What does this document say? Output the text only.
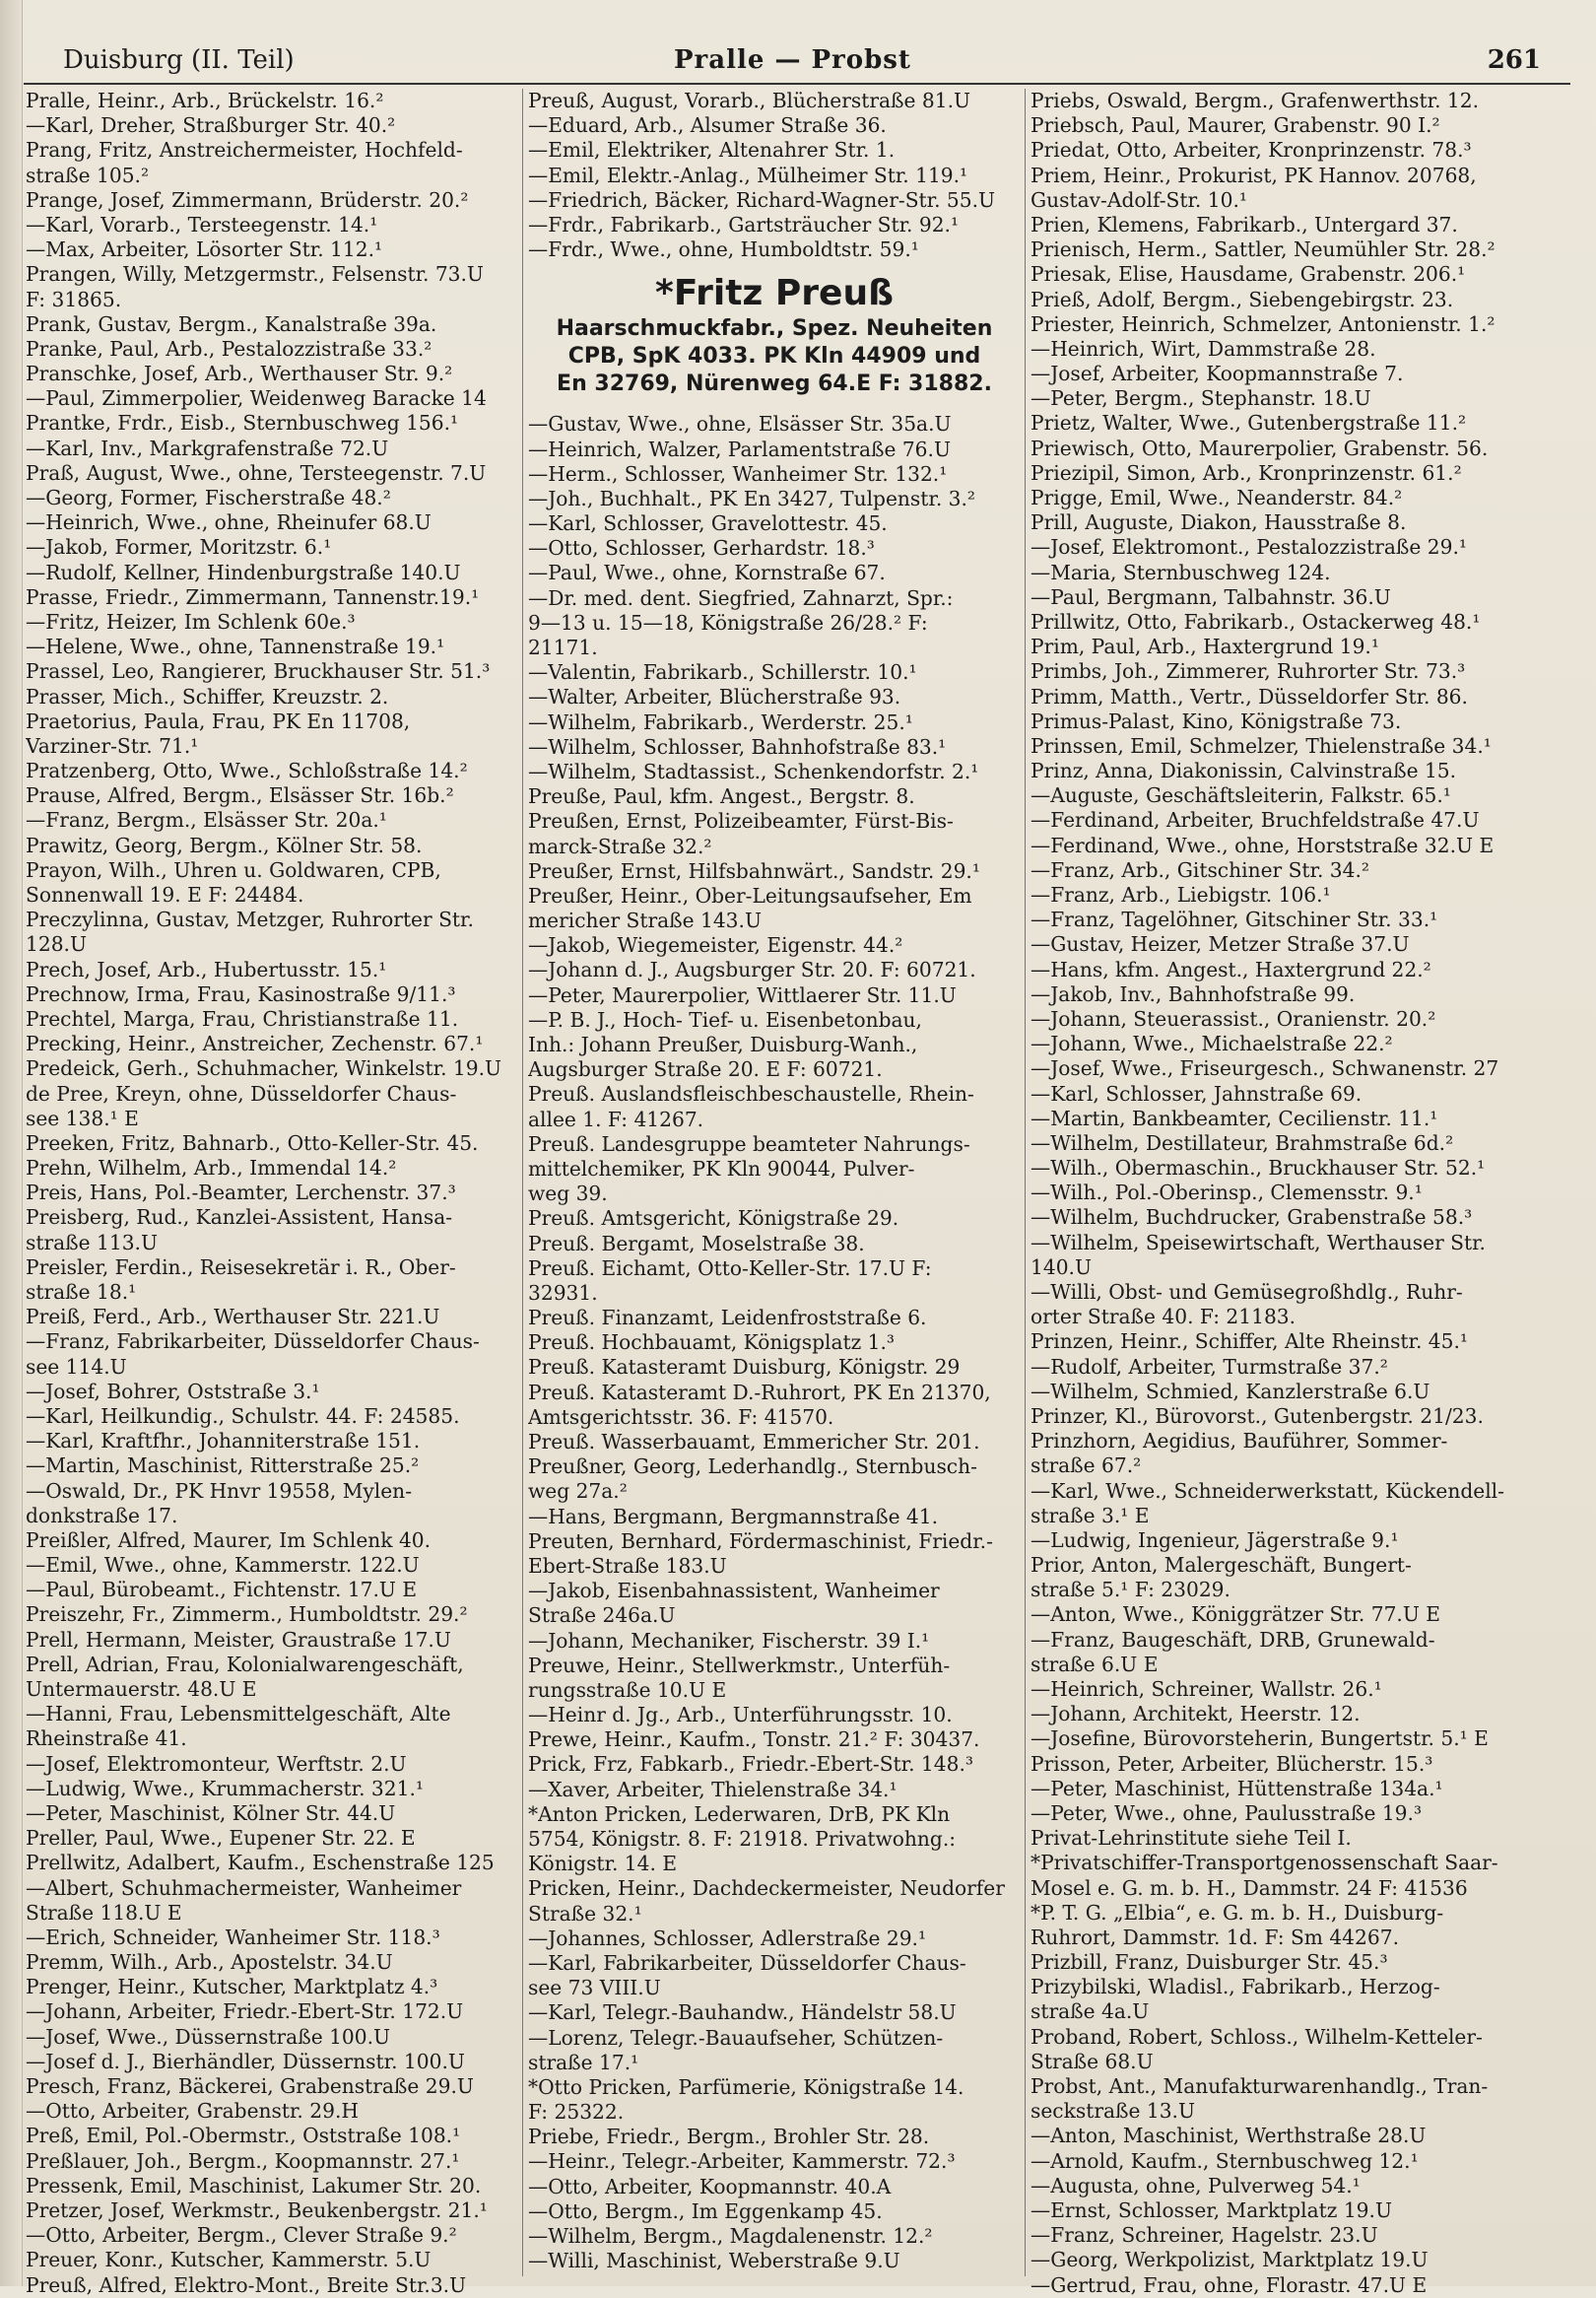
Duisburg (II. Teil)	Pralle — Probst	261
Pralle, Heinr., Arb., Brückelstr. 16.²
—Karl, Dreher, Straßburger Str. 40.²
Prang, Fritz, Anstreichermeister, Hochfeld-
straße 105.²
Prange, Josef, Zimmermann, Brüderstr. 20.²
—Karl, Vorarb., Tersteegenstr. 14.¹
—Max, Arbeiter, Lösorter Str. 112.¹
Prangen, Willy, Metzgermstr., Felsenstr. 73.U
F: 31865.
Prank, Gustav, Bergm., Kanalstraße 39a.
Pranke, Paul, Arb., Pestalozzistraße 33.²
Pranschke, Josef, Arb., Werthauser Str. 9.²
—Paul, Zimmerpolier, Weidenweg Baracke 14
Prantke, Frdr., Eisb., Sternbuschweg 156.¹
—Karl, Inv., Markgrafenstraße 72.U
Praß, August, Wwe., ohne, Tersteegenstr. 7.U
—Georg, Former, Fischerstraße 48.²
—Heinrich, Wwe., ohne, Rheinufer 68.U
—Jakob, Former, Moritzstr. 6.¹
—Rudolf, Kellner, Hindenburgstraße 140.U
Prasse, Friedr., Zimmermann, Tannenstr.19.¹
—Fritz, Heizer, Im Schlenk 60e.³
—Helene, Wwe., ohne, Tannenstraße 19.¹
Prassel, Leo, Rangierer, Bruckhauser Str. 51.³
Prasser, Mich., Schiffer, Kreuzstr. 2.
Praetorius, Paula, Frau, PK En 11708,
Varziner-Str. 71.¹
Pratzenberg, Otto, Wwe., Schloßstraße 14.²
Prause, Alfred, Bergm., Elsässer Str. 16b.²
—Franz, Bergm., Elsässer Str. 20a.¹
Prawitz, Georg, Bergm., Kölner Str. 58.
Prayon, Wilh., Uhren u. Goldwaren, CPB,
Sonnenwall 19. E F: 24484.
Preczylinna, Gustav, Metzger, Ruhrorter Str.
128.U
Prech, Josef, Arb., Hubertusstr. 15.¹
Prechnow, Irma, Frau, Kasinostraße 9/11.³
Prechtel, Marga, Frau, Christianstraße 11.
Precking, Heinr., Anstreicher, Zechenstr. 67.¹
Predeick, Gerh., Schuhmacher, Winkelstr. 19.U
de Pree, Kreyn, ohne, Düsseldorfer Chaus-
see 138.¹ E
Preeken, Fritz, Bahnarb., Otto-Keller-Str. 45.
Prehn, Wilhelm, Arb., Immendal 14.²
Preis, Hans, Pol.-Beamter, Lerchenstr. 37.³
Preisberg, Rud., Kanzlei-Assistent, Hansa-
straße 113.U
Preisler, Ferdin., Reisesekretär i. R., Ober-
straße 18.¹
Preiß, Ferd., Arb., Werthauser Str. 221.U
—Franz, Fabrikarbeiter, Düsseldorfer Chaus-
see 114.U
—Josef, Bohrer, Oststraße 3.¹
—Karl, Heilkundig., Schulstr. 44. F: 24585.
—Karl, Kraftfhr., Johanniterstraße 151.
—Martin, Maschinist, Ritterstraße 25.²
—Oswald, Dr., PK Hnvr 19558, Mylen-
donkstraße 17.
Preißler, Alfred, Maurer, Im Schlenk 40.
—Emil, Wwe., ohne, Kammerstr. 122.U
—Paul, Bürobeamt., Fichtenstr. 17.U E
Preiszehr, Fr., Zimmerm., Humboldtstr. 29.²
Prell, Hermann, Meister, Graustraße 17.U
Prell, Adrian, Frau, Kolonialwarengeschäft,
Untermauerstr. 48.U E
—Hanni, Frau, Lebensmittelgeschäft, Alte
Rheinstraße 41.
—Josef, Elektromonteur, Werftstr. 2.U
—Ludwig, Wwe., Krummacherstr. 321.¹
—Peter, Maschinist, Kölner Str. 44.U
Preller, Paul, Wwe., Eupener Str. 22. E
Prellwitz, Adalbert, Kaufm., Eschenstraße 125
—Albert, Schuhmachermeister, Wanheimer
Straße 118.U E
—Erich, Schneider, Wanheimer Str. 118.³
Premm, Wilh., Arb., Apostelstr. 34.U
Prenger, Heinr., Kutscher, Marktplatz 4.³
—Johann, Arbeiter, Friedr.-Ebert-Str. 172.U
—Josef, Wwe., Düssernstraße 100.U
—Josef d. J., Bierhändler, Düssernstr. 100.U
Presch, Franz, Bäckerei, Grabenstraße 29.U
—Otto, Arbeiter, Grabenstr. 29.H
Preß, Emil, Pol.-Obermstr., Oststraße 108.¹
Preßlauer, Joh., Bergm., Koopmannstr. 27.¹
Pressenk, Emil, Maschinist, Lakumer Str. 20.
Pretzer, Josef, Werkmstr., Beukenbergstr. 21.¹
—Otto, Arbeiter, Bergm., Clever Straße 9.²
Preuer, Konr., Kutscher, Kammerstr. 5.U
Preuß, Alfred, Elektro-Mont., Breite Str.3.U
Preuß, August, Vorarb., Blücherstraße 81.U
—Eduard, Arb., Alsumer Straße 36.
—Emil, Elektriker, Altenahrer Str. 1.
—Emil, Elektr.-Anlag., Mülheimer Str. 119.¹
—Friedrich, Bäcker, Richard-Wagner-Str. 55.U
—Frdr., Fabrikarb., Gartsträucher Str. 92.¹
—Frdr., Wwe., ohne, Humboldtstr. 59.¹
*Fritz Preuß
Haarschmuckfabr., Spez. Neuheiten
CPB, SpK 4033. PK Kln 44909 und
En 32769, Nürenweg 64.E F: 31882.
—Gustav, Wwe., ohne, Elsässer Str. 35a.U
—Heinrich, Walzer, Parlamentstraße 76.U
—Herm., Schlosser, Wanheimer Str. 132.¹
—Joh., Buchhalt., PK En 3427, Tulpenstr. 3.²
—Karl, Schlosser, Gravelottestr. 45.
—Otto, Schlosser, Gerhardstr. 18.³
—Paul, Wwe., ohne, Kornstraße 67.
—Dr. med. dent. Siegfried, Zahnarzt, Spr.:
9—13 u. 15—18, Königstraße 26/28.² F:
21171.
—Valentin, Fabrikarb., Schillerstr. 10.¹
—Walter, Arbeiter, Blücherstraße 93.
—Wilhelm, Fabrikarb., Werderstr. 25.¹
—Wilhelm, Schlosser, Bahnhofstraße 83.¹
—Wilhelm, Stadtassist., Schenkendorfstr. 2.¹
Preuße, Paul, kfm. Angest., Bergstr. 8.
Preußen, Ernst, Polizeibeamter, Fürst-Bis-
marck-Straße 32.²
Preußer, Ernst, Hilfsbahnwärt., Sandstr. 29.¹
Preußer, Heinr., Ober-Leitungsaufseher, Em
mericher Straße 143.U
—Jakob, Wiegemeister, Eigenstr. 44.²
—Johann d. J., Augsburger Str. 20. F: 60721.
—Peter, Maurerpolier, Wittlaerer Str. 11.U
—P. B. J., Hoch- Tief- u. Eisenbetonbau,
Inh.: Johann Preußer, Duisburg-Wanh.,
Augsburger Straße 20. E F: 60721.
Preuß. Auslandsfleischbeschaustelle, Rhein-
allee 1. F: 41267.
Preuß. Landesgruppe beamteter Nahrungs-
mittelchemiker, PK Kln 90044, Pulver-
weg 39.
Preuß. Amtsgericht, Königstraße 29.
Preuß. Bergamt, Moselstraße 38.
Preuß. Eichamt, Otto-Keller-Str. 17.U F:
32931.
Preuß. Finanzamt, Leidenfroststraße 6.
Preuß. Hochbauamt, Königsplatz 1.³
Preuß. Katasteramt Duisburg, Königstr. 29
Preuß. Katasteramt D.-Ruhrort, PK En 21370,
Amtsgerichtsstr. 36. F: 41570.
Preuß. Wasserbauamt, Emmericher Str. 201.
Preußner, Georg, Lederhandlg., Sternbusch-
weg 27a.²
—Hans, Bergmann, Bergmannstraße 41.
Preuten, Bernhard, Fördermaschinist, Friedr.-
Ebert-Straße 183.U
—Jakob, Eisenbahnassistent, Wanheimer
Straße 246a.U
—Johann, Mechaniker, Fischerstr. 39 I.¹
Preuwe, Heinr., Stellwerkmstr., Unterfüh-
rungsstraße 10.U E
—Heinr d. Jg., Arb., Unterführungsstr. 10.
Prewe, Heinr., Kaufm., Tonstr. 21.² F: 30437.
Prick, Frz, Fabkarb., Friedr.-Ebert-Str. 148.³
—Xaver, Arbeiter, Thielenstraße 34.¹
*Anton Pricken, Lederwaren, DrB, PK Kln
5754, Königstr. 8. F: 21918. Privatwohng.:
Königstr. 14. E
Pricken, Heinr., Dachdeckermeister, Neudorfer
Straße 32.¹
—Johannes, Schlosser, Adlerstraße 29.¹
—Karl, Fabrikarbeiter, Düsseldorfer Chaus-
see 73 VIII.U
—Karl, Telegr.-Bauhandw., Händelstr 58.U
—Lorenz, Telegr.-Bauaufseher, Schützen-
straße 17.¹
*Otto Pricken, Parfümerie, Königstraße 14.
F: 25322.
Priebe, Friedr., Bergm., Brohler Str. 28.
—Heinr., Telegr.-Arbeiter, Kammerstr. 72.³
—Otto, Arbeiter, Koopmannstr. 40.A
—Otto, Bergm., Im Eggenkamp 45.
—Wilhelm, Bergm., Magdalenenstr. 12.²
—Willi, Maschinist, Weberstraße 9.U
Priebs, Oswald, Bergm., Grafenwerthstr. 12.
Priebsch, Paul, Maurer, Grabenstr. 90 I.²
Priedat, Otto, Arbeiter, Kronprinzenstr. 78.³
Priem, Heinr., Prokurist, PK Hannov. 20768,
Gustav-Adolf-Str. 10.¹
Prien, Klemens, Fabrikarb., Untergard 37.
Prienisch, Herm., Sattler, Neumühler Str. 28.²
Priesak, Elise, Hausdame, Grabenstr. 206.¹
Prieß, Adolf, Bergm., Siebengebirgstr. 23.
Priester, Heinrich, Schmelzer, Antonienstr. 1.²
—Heinrich, Wirt, Dammstraße 28.
—Josef, Arbeiter, Koopmannstraße 7.
—Peter, Bergm., Stephanstr. 18.U
Prietz, Walter, Wwe., Gutenbergstraße 11.²
Priewisch, Otto, Maurerpolier, Grabenstr. 56.
Priezipil, Simon, Arb., Kronprinzenstr. 61.²
Prigge, Emil, Wwe., Neanderstr. 84.²
Prill, Auguste, Diakon, Hausstraße 8.
—Josef, Elektromont., Pestalozzistraße 29.¹
—Maria, Sternbuschweg 124.
—Paul, Bergmann, Talbahnstr. 36.U
Prillwitz, Otto, Fabrikarb., Ostackerweg 48.¹
Prim, Paul, Arb., Haxtergrund 19.¹
Primbs, Joh., Zimmerer, Ruhrorter Str. 73.³
Primm, Matth., Vertr., Düsseldorfer Str. 86.
Primus-Palast, Kino, Königstraße 73.
Prinssen, Emil, Schmelzer, Thielenstraße 34.¹
Prinz, Anna, Diakonissin, Calvinstraße 15.
—Auguste, Geschäftsleiterin, Falkstr. 65.¹
—Ferdinand, Arbeiter, Bruchfeldstraße 47.U
—Ferdinand, Wwe., ohne, Horststraße 32.U E
—Franz, Arb., Gitschiner Str. 34.²
—Franz, Arb., Liebigstr. 106.¹
—Franz, Tagelöhner, Gitschiner Str. 33.¹
—Gustav, Heizer, Metzer Straße 37.U
—Hans, kfm. Angest., Haxtergrund 22.²
—Jakob, Inv., Bahnhofstraße 99.
—Johann, Steuerassist., Oranienstr. 20.²
—Johann, Wwe., Michaelstraße 22.²
—Josef, Wwe., Friseurgesch., Schwanenstr. 27
—Karl, Schlosser, Jahnstraße 69.
—Martin, Bankbeamter, Cecilienstr. 11.¹
—Wilhelm, Destillateur, Brahmstraße 6d.²
—Wilh., Obermaschin., Bruckhauser Str. 52.¹
—Wilh., Pol.-Oberinsp., Clemensstr. 9.¹
—Wilhelm, Buchdrucker, Grabenstraße 58.³
—Wilhelm, Speisewirtschaft, Werthauser Str.
140.U
—Willi, Obst- und Gemüsegroßhdlg., Ruhr-
orter Straße 40. F: 21183.
Prinzen, Heinr., Schiffer, Alte Rheinstr. 45.¹
—Rudolf, Arbeiter, Turmstraße 37.²
—Wilhelm, Schmied, Kanzlerstraße 6.U
Prinzer, Kl., Bürovorst., Gutenbergstr. 21/23.
Prinzhorn, Aegidius, Bauführer, Sommer-
straße 67.²
—Karl, Wwe., Schneiderwerkstatt, Kückendell-
straße 3.¹ E
—Ludwig, Ingenieur, Jägerstraße 9.¹
Prior, Anton, Malergeschäft, Bungert-
straße 5.¹ F: 23029.
—Anton, Wwe., Königgrätzer Str. 77.U E
—Franz, Baugeschäft, DRB, Grunewald-
straße 6.U E
—Heinrich, Schreiner, Wallstr. 26.¹
—Johann, Architekt, Heerstr. 12.
—Josefine, Bürovorsteherin, Bungertstr. 5.¹ E
Prisson, Peter, Arbeiter, Blücherstr. 15.³
—Peter, Maschinist, Hüttenstraße 134a.¹
—Peter, Wwe., ohne, Paulusstraße 19.³
Privat-Lehrinstitute siehe Teil I.
*Privatschiffer-Transportgenossenschaft Saar-
Mosel e. G. m. b. H., Dammstr. 24 F: 41536
*P. T. G. „Elbia“, e. G. m. b. H., Duisburg-
Ruhrort, Dammstr. 1d. F: Sm 44267.
Prizbill, Franz, Duisburger Str. 45.³
Prizybilski, Wladisl., Fabrikarb., Herzog-
straße 4a.U
Proband, Robert, Schloss., Wilhelm-Ketteler-
Straße 68.U
Probst, Ant., Manufakturwarenhandlg., Tran-
seckstraße 13.U
—Anton, Maschinist, Werthstraße 28.U
—Arnold, Kaufm., Sternbuschweg 12.¹
—Augusta, ohne, Pulverweg 54.¹
—Ernst, Schlosser, Marktplatz 19.U
—Franz, Schreiner, Hagelstr. 23.U
—Georg, Werkpolizist, Marktplatz 19.U
—Gertrud, Frau, ohne, Florastr. 47.U E
